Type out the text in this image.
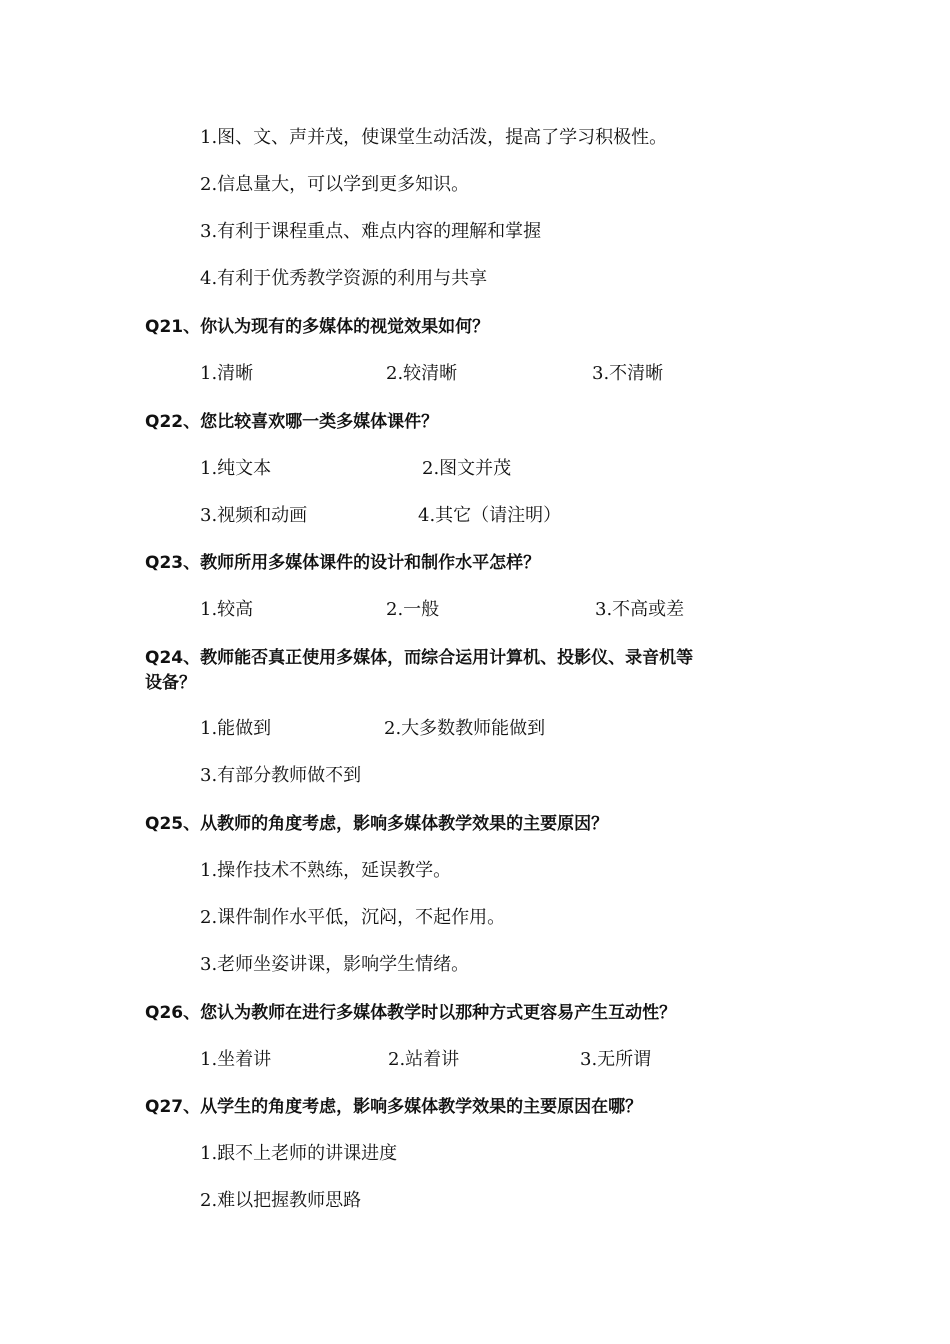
1.图、文、声并茂，使课堂生动活泼，提高了学习积极性。
2.信息量大，可以学到更多知识。
3.有利于课程重点、难点内容的理解和掌握
4.有利于优秀教学资源的利用与共享
Q21、你认为现有的多媒体的视觉效果如何？
1.清晰	2.较清晰	3.不清晰
Q22、您比较喜欢哪一类多媒体课件？
1.纯文本	2.图文并茂
3.视频和动画	4.其它（请注明）
Q23、教师所用多媒体课件的设计和制作水平怎样？
1.较高	2.一般	3.不高或差
Q24、教师能否真正使用多媒体，而综合运用计算机、投影仪、录音机等
设备？
1.能做到	2.大多数教师能做到
3.有部分教师做不到
Q25、从教师的角度考虑，影响多媒体教学效果的主要原因？
1.操作技术不熟练，延误教学。
2.课件制作水平低，沉闷，不起作用。
3.老师坐姿讲课，影响学生情绪。
Q26、您认为教师在进行多媒体教学时以那种方式更容易产生互动性？
1.坐着讲	2.站着讲	3.无所谓
Q27、从学生的角度考虑，影响多媒体教学效果的主要原因在哪？
1.跟不上老师的讲课进度
2.难以把握教师思路
